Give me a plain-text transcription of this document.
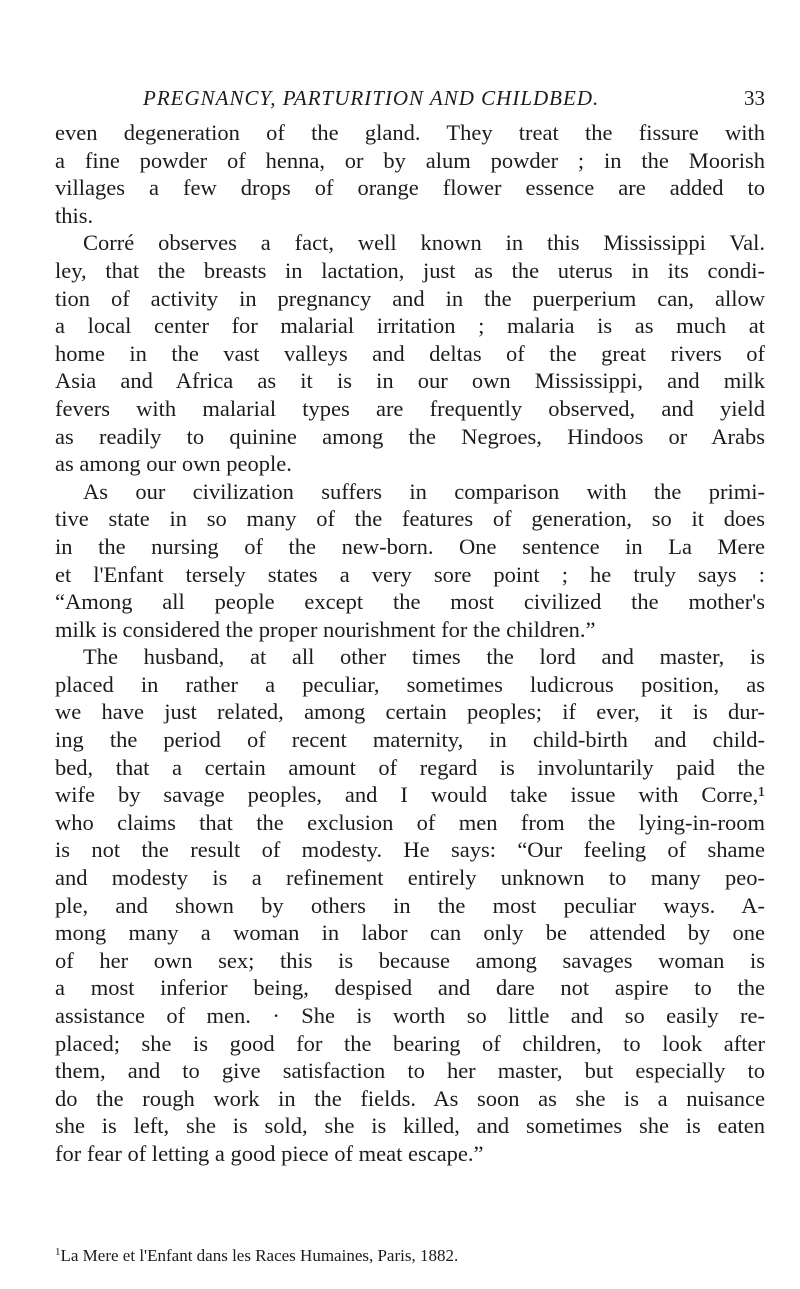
PREGNANCY, PARTURITION AND CHILDBED.	33
even degeneration of the gland. They treat the fissure with
a fine powder of henna, or by alum powder ; in the Moorish
villages a few drops of orange flower essence are added to
this.
Corré observes a fact, well known in this Mississippi Val.
ley, that the breasts in lactation, just as the uterus in its condi-
tion of activity in pregnancy and in the puerperium can, allow
a local center for malarial irritation ; malaria is as much at
home in the vast valleys and deltas of the great rivers of
Asia and Africa as it is in our own Mississippi, and milk
fevers with malarial types are frequently observed, and yield
as readily to quinine among the Negroes, Hindoos or Arabs
as among our own people.
As our civilization suffers in comparison with the primi-
tive state in so many of the features of generation, so it does
in the nursing of the new-born. One sentence in La Mere
et l'Enfant tersely states a very sore point ; he truly says :
“Among all people except the most civilized the mother's
milk is considered the proper nourishment for the children.”
The husband, at all other times the lord and master, is
placed in rather a peculiar, sometimes ludicrous position, as
we have just related, among certain peoples; if ever, it is dur-
ing the period of recent maternity, in child-birth and child-
bed, that a certain amount of regard is involuntarily paid the
wife by savage peoples, and I would take issue with Corre,¹
who claims that the exclusion of men from the lying-in-room
is not the result of modesty. He says: “Our feeling of shame
and modesty is a refinement entirely unknown to many peo-
ple, and shown by others in the most peculiar ways. A-
mong many a woman in labor can only be attended by one
of her own sex; this is because among savages woman is
a most inferior being, despised and dare not aspire to the
assistance of men. · She is worth so little and so easily re-
placed; she is good for the bearing of children, to look after
them, and to give satisfaction to her master, but especially to
do the rough work in the fields. As soon as she is a nuisance
she is left, she is sold, she is killed, and sometimes she is eaten
for fear of letting a good piece of meat escape.”
$^1$La Mere et l'Enfant dans les Races Humaines, Paris, 1882.
